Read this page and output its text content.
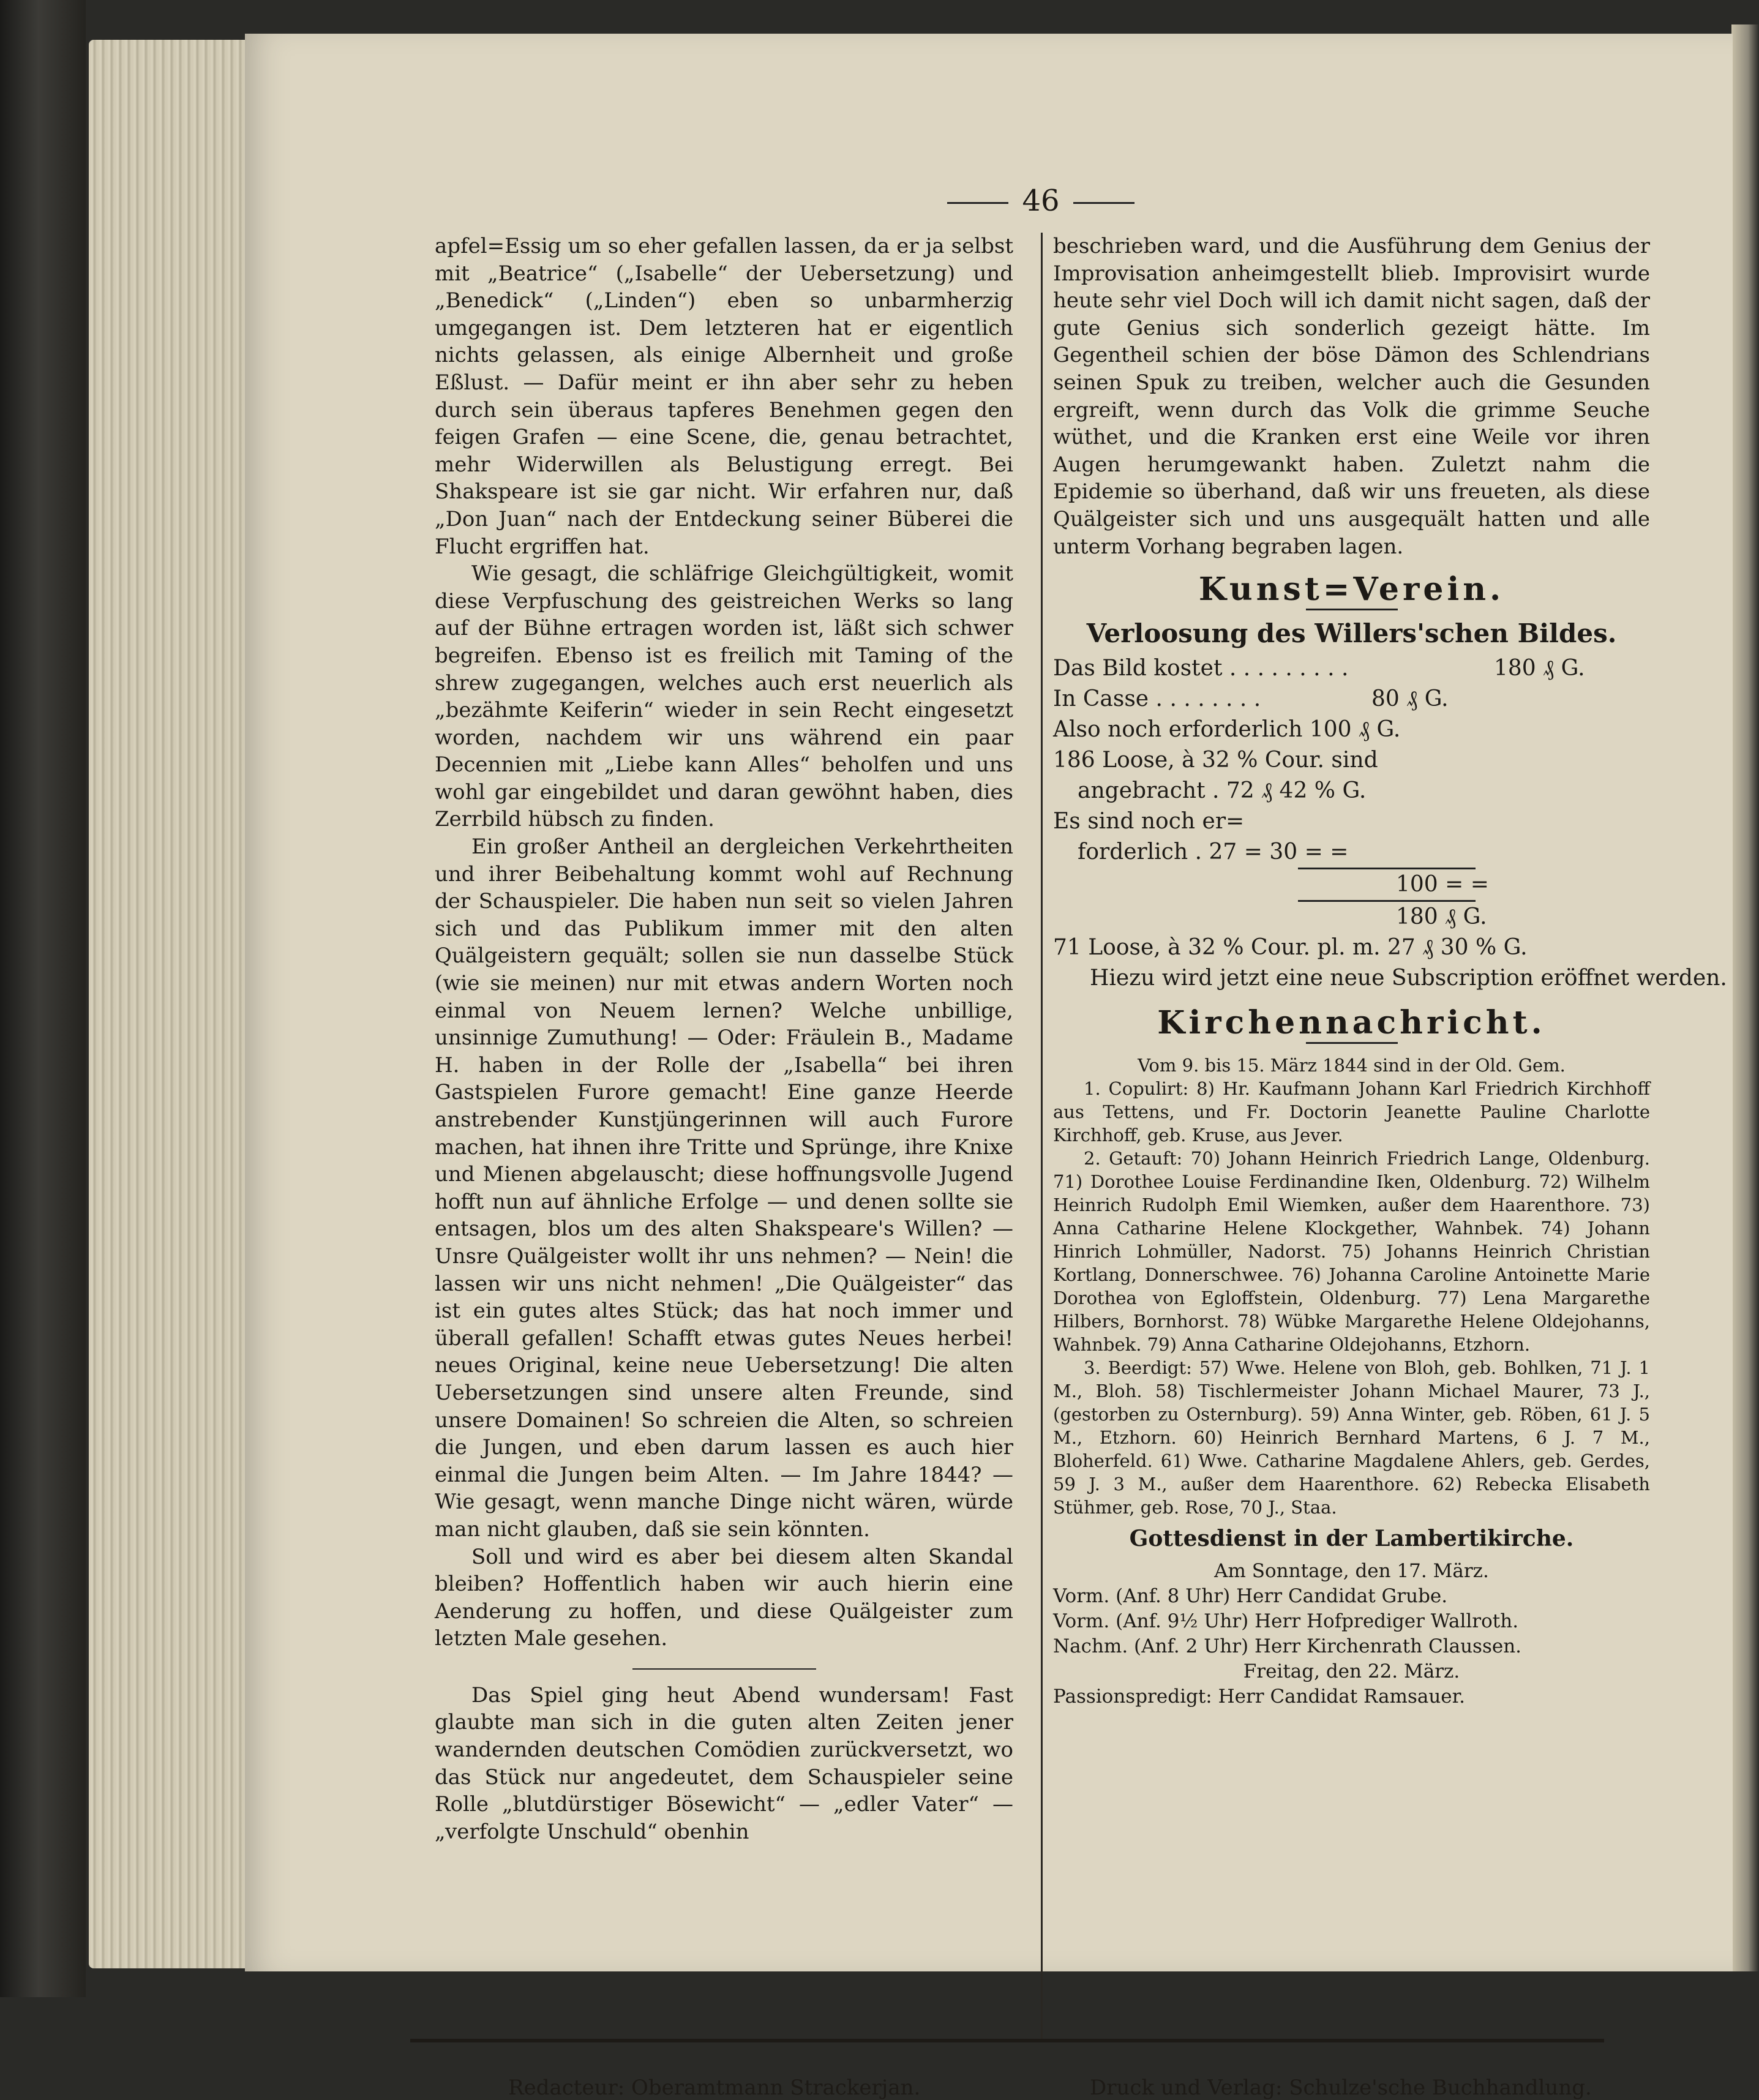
46

apfel=Essig um so eher gefallen lassen, da er ja selbst mit „Beatrice“ („Isabelle“ der Uebersetzung) und „Benedick“ („Linden“) eben so unbarmherzig umgegangen ist. Dem letzteren hat er eigentlich nichts gelassen, als einige Albernheit und große Eßlust. — Dafür meint er ihn aber sehr zu heben durch sein überaus tapferes Benehmen gegen den feigen Grafen — eine Scene, die, genau betrachtet, mehr Widerwillen als Belustigung erregt. Bei Shakspeare ist sie gar nicht. Wir erfahren nur, daß „Don Juan“ nach der Entdeckung seiner Büberei die Flucht ergriffen hat.

Wie gesagt, die schläfrige Gleichgültigkeit, womit diese Verpfuschung des geistreichen Werks so lang auf der Bühne ertragen worden ist, läßt sich schwer begreifen. Ebenso ist es freilich mit Taming of the shrew zugegangen, welches auch erst neuerlich als „bezähmte Keiferin“ wieder in sein Recht eingesetzt worden, nachdem wir uns während ein paar Decennien mit „Liebe kann Alles“ beholfen und uns wohl gar eingebildet und daran gewöhnt haben, dies Zerrbild hübsch zu finden.

Ein großer Antheil an dergleichen Verkehrtheiten und ihrer Beibehaltung kommt wohl auf Rechnung der Schauspieler. Die haben nun seit so vielen Jahren sich und das Publikum immer mit den alten Quälgeistern gequält; sollen sie nun dasselbe Stück (wie sie meinen) nur mit etwas andern Worten noch einmal von Neuem lernen? Welche unbillige, unsinnige Zumuthung! — Oder: Fräulein B., Madame H. haben in der Rolle der „Isabella“ bei ihren Gastspielen Furore gemacht! Eine ganze Heerde anstrebender Kunstjüngerinnen will auch Furore machen, hat ihnen ihre Tritte und Sprünge, ihre Knixe und Mienen abgelauscht; diese hoffnungsvolle Jugend hofft nun auf ähnliche Erfolge — und denen sollte sie entsagen, blos um des alten Shakspeare's Willen? — Unsre Quälgeister wollt ihr uns nehmen? — Nein! die lassen wir uns nicht nehmen! „Die Quälgeister“ das ist ein gutes altes Stück; das hat noch immer und überall gefallen! Schafft etwas gutes Neues herbei! neues Original, keine neue Uebersetzung! Die alten Uebersetzungen sind unsere alten Freunde, sind unsere Domainen! So schreien die Alten, so schreien die Jungen, und eben darum lassen es auch hier einmal die Jungen beim Alten. — Im Jahre 1844? — Wie gesagt, wenn manche Dinge nicht wären, würde man nicht glauben, daß sie sein könnten.

Soll und wird es aber bei diesem alten Skandal bleiben? Hoffentlich haben wir auch hierin eine Aenderung zu hoffen, und diese Quälgeister zum letzten Male gesehen.

Das Spiel ging heut Abend wundersam! Fast glaubte man sich in die guten alten Zeiten jener wandernden deutschen Comödien zurückversetzt, wo das Stück nur angedeutet, dem Schauspieler seine Rolle „blutdürstiger Bösewicht“ — „edler Vater“ — „verfolgte Unschuld“ obenhin

beschrieben ward, und die Ausführung dem Genius der Improvisation anheimgestellt blieb. Improvisirt wurde heute sehr viel Doch will ich damit nicht sagen, daß der gute Genius sich sonderlich gezeigt hätte. Im Gegentheil schien der böse Dämon des Schlendrians seinen Spuk zu treiben, welcher auch die Gesunden ergreift, wenn durch das Volk die grimme Seuche wüthet, und die Kranken erst eine Weile vor ihren Augen herumgewankt haben. Zuletzt nahm die Epidemie so überhand, daß wir uns freueten, als diese Quälgeister sich und uns ausgequält hatten und alle unterm Vorhang begraben lagen.

Kunst=Verein.
Verloosung des Willers'schen Bildes.
Das Bild kostet . . . . . . . . .	180 ₰ G.
In Casse . . . . . . . .	80 ₰ G.
Also noch erforderlich 100 ₰ G.
186 Loose, à 32 % Cour. sind
angebracht . 72 ₰ 42 % G.
Es sind noch er=
forderlich . 27 = 30 = =
100 = =
180 ₰ G.
71 Loose, à 32 % Cour. pl. m. 27 ₰ 30 % G.
Hiezu wird jetzt eine neue Subscription eröffnet werden.
Kirchennachricht.

Vom 9. bis 15. März 1844 sind in der Old. Gem.

1. Copulirt: 8) Hr. Kaufmann Johann Karl Friedrich Kirchhoff aus Tettens, und Fr. Doctorin Jeanette Pauline Charlotte Kirchhoff, geb. Kruse, aus Jever.

2. Getauft: 70) Johann Heinrich Friedrich Lange, Oldenburg. 71) Dorothee Louise Ferdinandine Iken, Oldenburg. 72) Wilhelm Heinrich Rudolph Emil Wiemken, außer dem Haarenthore. 73) Anna Catharine Helene Klockgether, Wahnbek. 74) Johann Hinrich Lohmüller, Nadorst. 75) Johanns Heinrich Christian Kortlang, Donnerschwee. 76) Johanna Caroline Antoinette Marie Dorothea von Egloffstein, Oldenburg. 77) Lena Margarethe Hilbers, Bornhorst. 78) Wübke Margarethe Helene Oldejohanns, Wahnbek. 79) Anna Catharine Oldejohanns, Etzhorn.

3. Beerdigt: 57) Wwe. Helene von Bloh, geb. Bohlken, 71 J. 1 M., Bloh. 58) Tischlermeister Johann Michael Maurer, 73 J., (gestorben zu Osternburg). 59) Anna Winter, geb. Röben, 61 J. 5 M., Etzhorn. 60) Heinrich Bernhard Martens, 6 J. 7 M., Bloherfeld. 61) Wwe. Catharine Magdalene Ahlers, geb. Gerdes, 59 J. 3 M., außer dem Haarenthore. 62) Rebecka Elisabeth Stühmer, geb. Rose, 70 J., Staa.

Gottesdienst in der Lambertikirche.
Am Sonntage, den 17. März.
Vorm. (Anf. 8 Uhr) Herr Candidat Grube.
Vorm. (Anf. 9½ Uhr) Herr Hofprediger Wallroth.
Nachm. (Anf. 2 Uhr) Herr Kirchenrath Claussen.
Freitag, den 22. März.
Passionspredigt: Herr Candidat Ramsauer.
Redacteur: Oberamtmann Strackerjan.	Druck und Verlag: Schulze'sche Buchhandlung.
